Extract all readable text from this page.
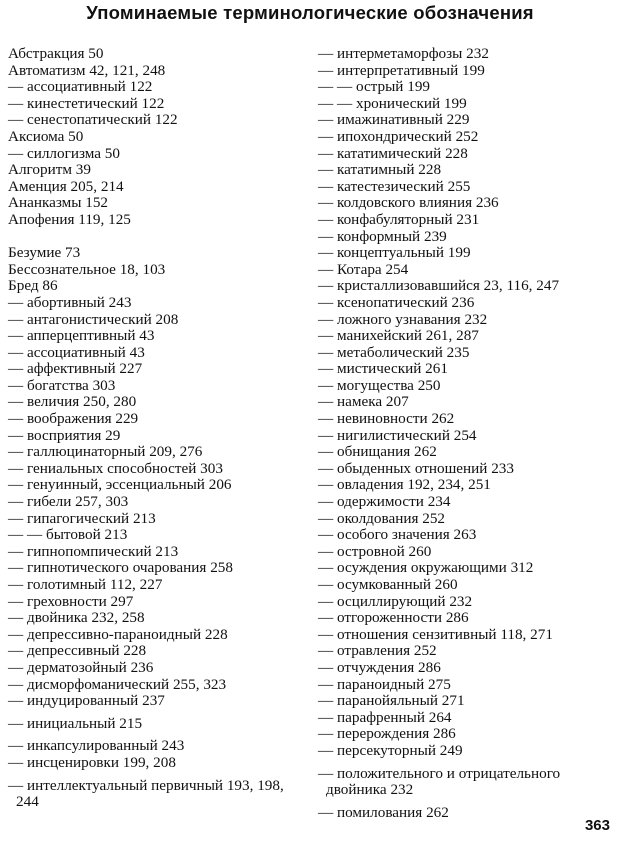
Упоминаемые терминологические обозначения
Абстракция 50
Автоматизм 42, 121, 248
— ассоциативный 122
— кинестетический 122
— сенестопатический 122
Аксиома 50
— силлогизма 50
Алгоритм 39
Аменция 205, 214
Ананказмы 152
Апофения 119, 125
Безумие 73
Бессознательное 18, 103
Бред 86
— абортивный 243
— антагонистический 208
— апперцептивный 43
— ассоциативный 43
— аффективный 227
— богатства 303
— величия 250, 280
— воображения 229
— восприятия 29
— галлюцинаторный 209, 276
— гениальных способностей 303
— генуинный, эссенциальный 206
— гибели 257, 303
— гипагогический 213
— — бытовой 213
— гипнопомпический 213
— гипнотического очарования 258
— голотимный 112, 227
— греховности 297
— двойника 232, 258
— депрессивно-параноидный 228
— депрессивный 228
— дерматозойный 236
— дисморфоманический 255, 323
— индуцированный 237
— инициальный 215
— инкапсулированный 243
— инсценировки 199, 208
— интеллектуальный первичный 193, 198, 244
— интерметаморфозы 232
— интерпретативный 199
— — острый 199
— — хронический 199
— имажинативный 229
— ипохондрический 252
— кататимический 228
— кататимный 228
— катестезический 255
— колдовского влияния 236
— конфабуляторный 231
— конформный 239
— концептуальный 199
— Котара 254
— кристаллизовавшийся 23, 116, 247
— ксенопатический 236
— ложного узнавания 232
— манихейский 261, 287
— метаболический 235
— мистический 261
— могущества 250
— намека 207
— невиновности 262
— нигилистический 254
— обнищания 262
— обыденных отношений 233
— овладения 192, 234, 251
— одержимости 234
— околдования 252
— особого значения 263
— островной 260
— осуждения окружающими 312
— осумкованный 260
— осциллирующий 232
— отгороженности 286
— отношения сензитивный 118, 271
— отравления 252
— отчуждения 286
— параноидный 275
— паранойяльный 271
— парафренный 264
— перерождения 286
— персекуторный 249
— положительного и отрицательного двойника 232
— помилования 262
363
